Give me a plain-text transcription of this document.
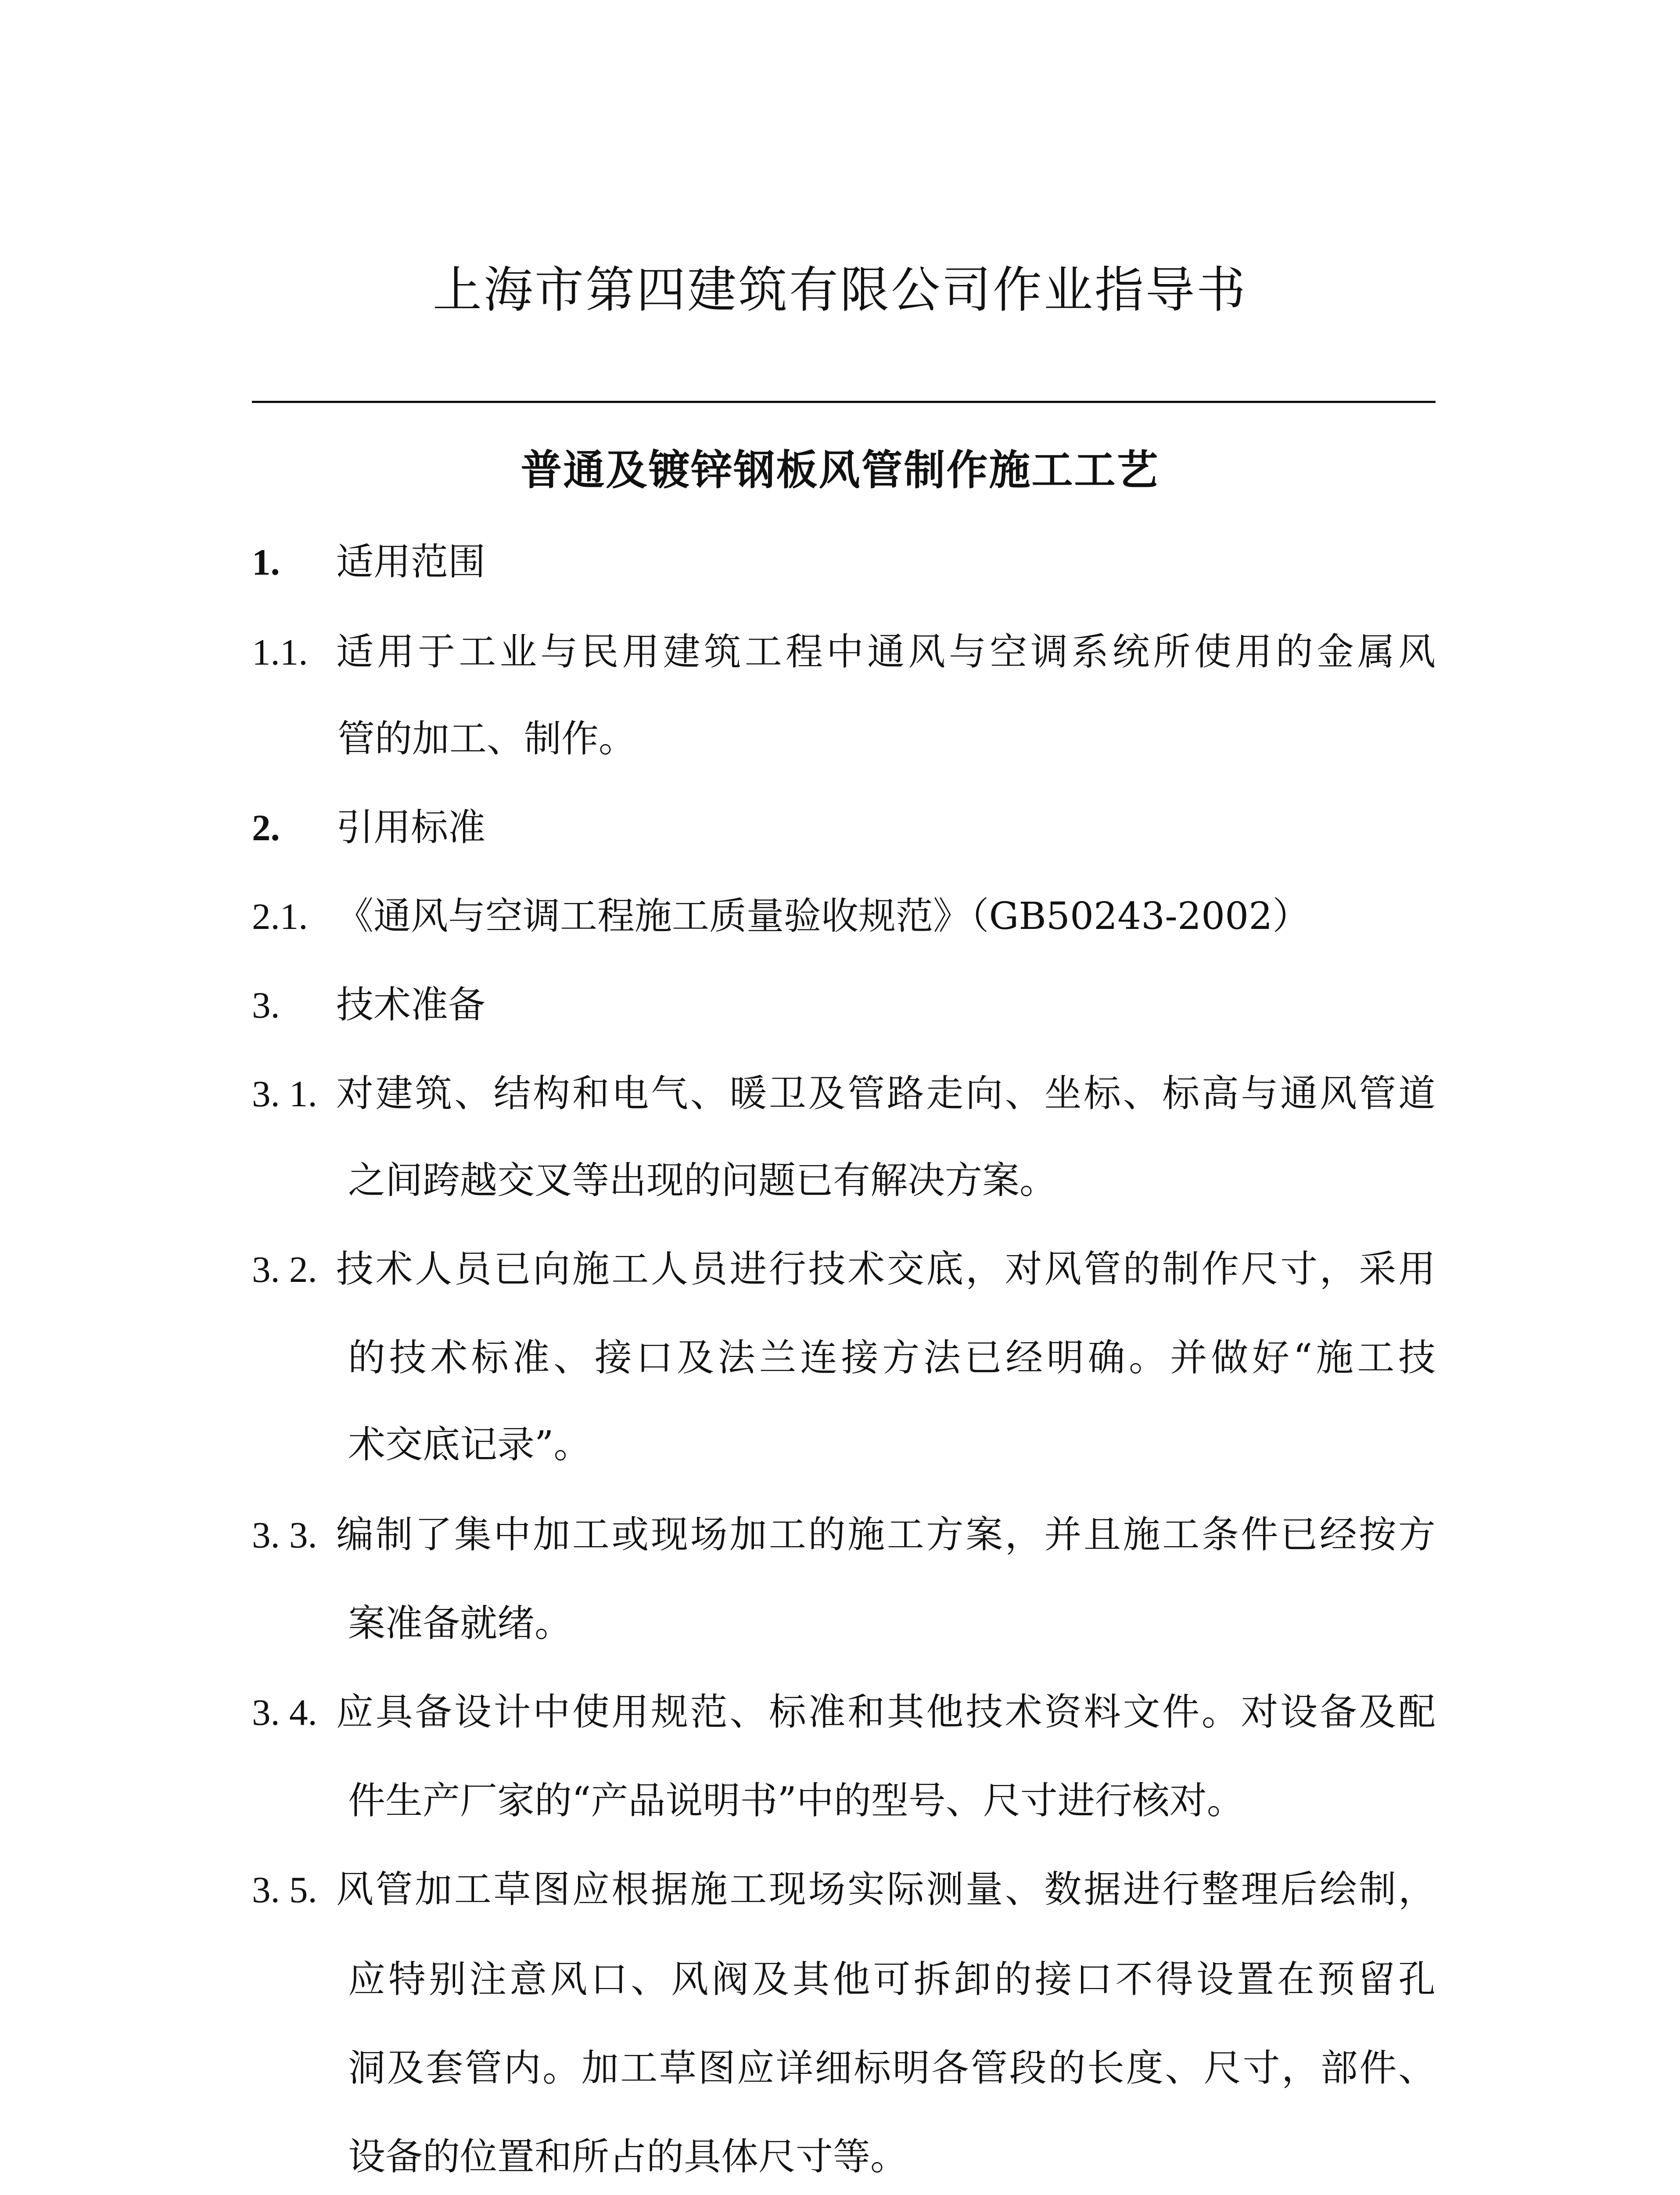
上海市第四建筑有限公司作业指导书
普通及镀锌钢板风管制作施工工艺
1. 适用范围
1.1. 适用于工业与民用建筑工程中通风与空调系统所使用的金属风
管的加工、制作。
2. 引用标准
2.1. 《通风与空调工程施工质量验收规范》（GB50243-2002）
3. 技术准备
3. 1. 对建筑、结构和电气、暖卫及管路走向、坐标、标高与通风管道
之间跨越交叉等出现的问题已有解决方案。
3. 2. 技术人员已向施工人员进行技术交底，对风管的制作尺寸，采用
的技术标准、接口及法兰连接方法已经明确。并做好“施工技
术交底记录”。
3. 3. 编制了集中加工或现场加工的施工方案，并且施工条件已经按方
案准备就绪。
3. 4. 应具备设计中使用规范、标准和其他技术资料文件。对设备及配
件生产厂家的“产品说明书”中的型号、尺寸进行核对。
3. 5. 风管加工草图应根据施工现场实际测量、数据进行整理后绘制，
应特别注意风口、风阀及其他可拆卸的接口不得设置在预留孔
洞及套管内。加工草图应详细标明各管段的长度、尺寸，部件、
设备的位置和所占的具体尺寸等。
